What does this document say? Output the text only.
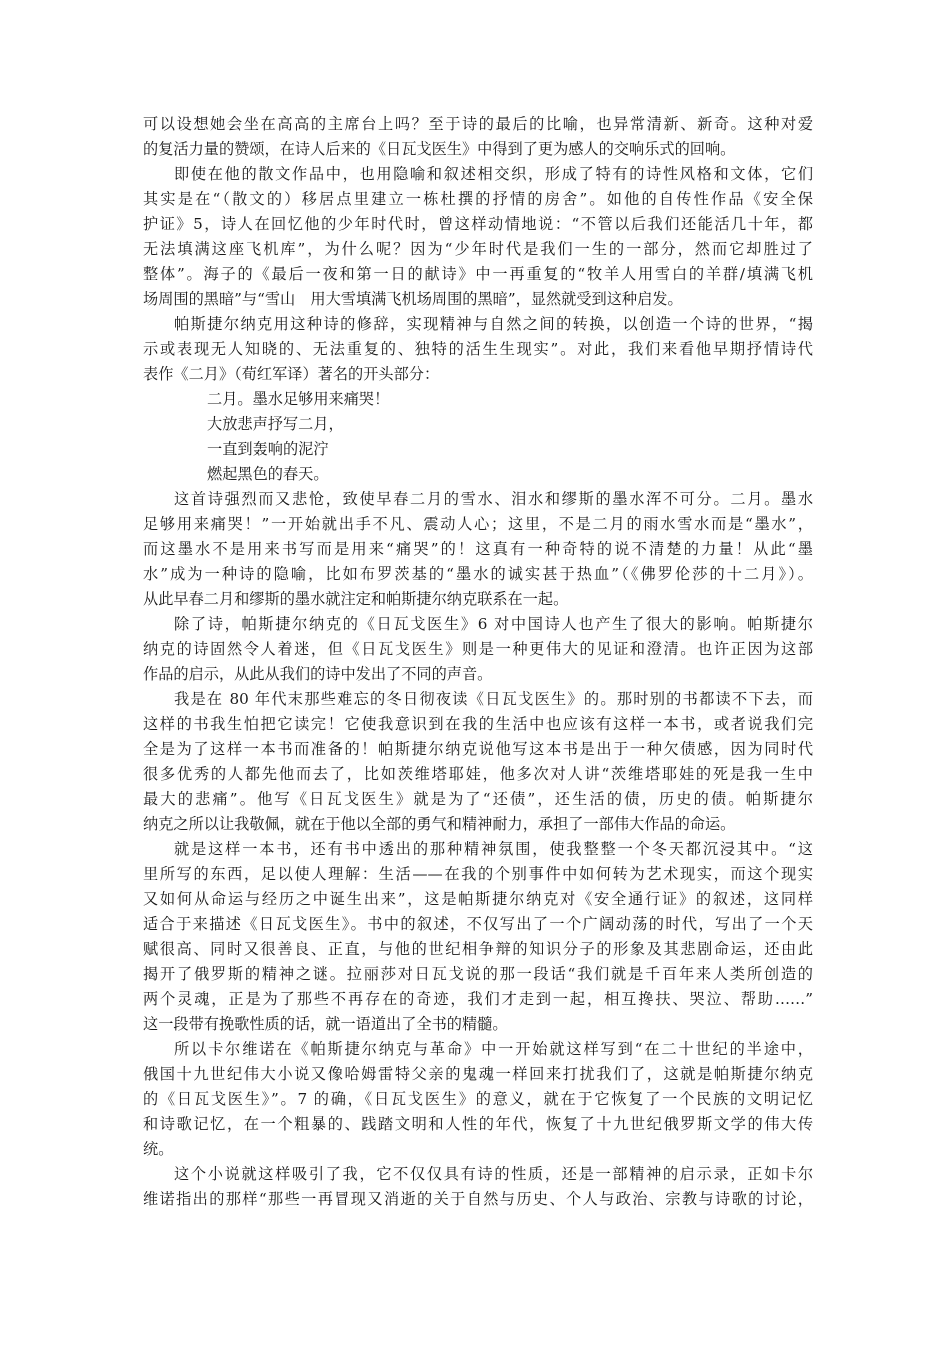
可以设想她会坐在高高的主席台上吗？至于诗的最后的比喻，也异常清新、新奇。这种对爱
的复活力量的赞颂，在诗人后来的《日瓦戈医生》中得到了更为感人的交响乐式的回响。
即使在他的散文作品中，也用隐喻和叙述相交织，形成了特有的诗性风格和文体，它们
其实是在“（散文的）移居点里建立一栋杜撰的抒情的房舍”。如他的自传性作品《安全保
护证》5，诗人在回忆他的少年时代时，曾这样动情地说：“不管以后我们还能活几十年，都
无法填满这座飞机库”，为什么呢？因为“少年时代是我们一生的一部分，然而它却胜过了
整体”。海子的《最后一夜和第一日的献诗》中一再重复的“牧羊人用雪白的羊群/填满飞机
场周围的黑暗”与“雪山　用大雪填满飞机场周围的黑暗”，显然就受到这种启发。
帕斯捷尔纳克用这种诗的修辞，实现精神与自然之间的转换，以创造一个诗的世界，“揭
示或表现无人知晓的、无法重复的、独特的活生生现实”。对此，我们来看他早期抒情诗代
表作《二月》（荀红军译）著名的开头部分：
二月。墨水足够用来痛哭！
大放悲声抒写二月，
一直到轰响的泥泞
燃起黑色的春天。
这首诗强烈而又悲怆，致使早春二月的雪水、泪水和缪斯的墨水浑不可分。二月。墨水
足够用来痛哭！”一开始就出手不凡、震动人心；这里，不是二月的雨水雪水而是“墨水”，
而这墨水不是用来书写而是用来“痛哭”的！这真有一种奇特的说不清楚的力量！从此“墨
水”成为一种诗的隐喻，比如布罗茨基的“墨水的诚实甚于热血”（《佛罗伦莎的十二月》）。
从此早春二月和缪斯的墨水就注定和帕斯捷尔纳克联系在一起。
除了诗，帕斯捷尔纳克的《日瓦戈医生》6 对中国诗人也产生了很大的影响。帕斯捷尔
纳克的诗固然令人着迷，但《日瓦戈医生》则是一种更伟大的见证和澄清。也许正因为这部
作品的启示，从此从我们的诗中发出了不同的声音。
我是在 80 年代末那些难忘的冬日彻夜读《日瓦戈医生》的。那时别的书都读不下去，而
这样的书我生怕把它读完！它使我意识到在我的生活中也应该有这样一本书，或者说我们完
全是为了这样一本书而准备的！帕斯捷尔纳克说他写这本书是出于一种欠债感，因为同时代
很多优秀的人都先他而去了，比如茨维塔耶娃，他多次对人讲“茨维塔耶娃的死是我一生中
最大的悲痛”。他写《日瓦戈医生》就是为了“还债”，还生活的债，历史的债。帕斯捷尔
纳克之所以让我敬佩，就在于他以全部的勇气和精神耐力，承担了一部伟大作品的命运。
就是这样一本书，还有书中透出的那种精神氛围，使我整整一个冬天都沉浸其中。“这
里所写的东西，足以使人理解：生活——在我的个别事件中如何转为艺术现实，而这个现实
又如何从命运与经历之中诞生出来”，这是帕斯捷尔纳克对《安全通行证》的叙述，这同样
适合于来描述《日瓦戈医生》。书中的叙述，不仅写出了一个广阔动荡的时代，写出了一个天
赋很高、同时又很善良、正直，与他的世纪相争辩的知识分子的形象及其悲剧命运，还由此
揭开了俄罗斯的精神之谜。拉丽莎对日瓦戈说的那一段话“我们就是千百年来人类所创造的
两个灵魂，正是为了那些不再存在的奇迹，我们才走到一起，相互搀扶、哭泣、帮助……”
这一段带有挽歌性质的话，就一语道出了全书的精髓。
所以卡尔维诺在《帕斯捷尔纳克与革命》中一开始就这样写到“在二十世纪的半途中，
俄国十九世纪伟大小说又像哈姆雷特父亲的鬼魂一样回来打扰我们了，这就是帕斯捷尔纳克
的《日瓦戈医生》”。7 的确，《日瓦戈医生》的意义，就在于它恢复了一个民族的文明记忆
和诗歌记忆，在一个粗暴的、践踏文明和人性的年代，恢复了十九世纪俄罗斯文学的伟大传
统。
这个小说就这样吸引了我，它不仅仅具有诗的性质，还是一部精神的启示录，正如卡尔
维诺指出的那样“那些一再冒现又消逝的关于自然与历史、个人与政治、宗教与诗歌的讨论，
